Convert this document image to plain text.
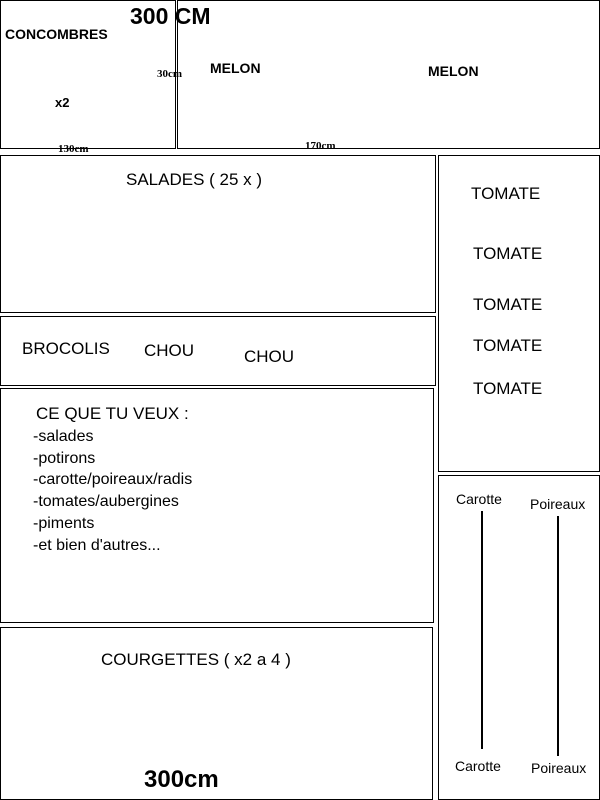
300 CM
CONCOMBRES
30cm
x2
130cm
MELON	MELON
170cm
SALADES ( 25 x )
BROCOLIS CHOU	CHOU
CE QUE TU VEUX :
-salades
-potirons
-carotte/poireaux/radis
-tomates/aubergines
-piments
-et bien d'autres...
COURGETTES ( x2 a 4 )
300cm
TOMATE
TOMATE
TOMATE
TOMATE
TOMATE
Carotte
Carotte
Poireaux
Poireaux
